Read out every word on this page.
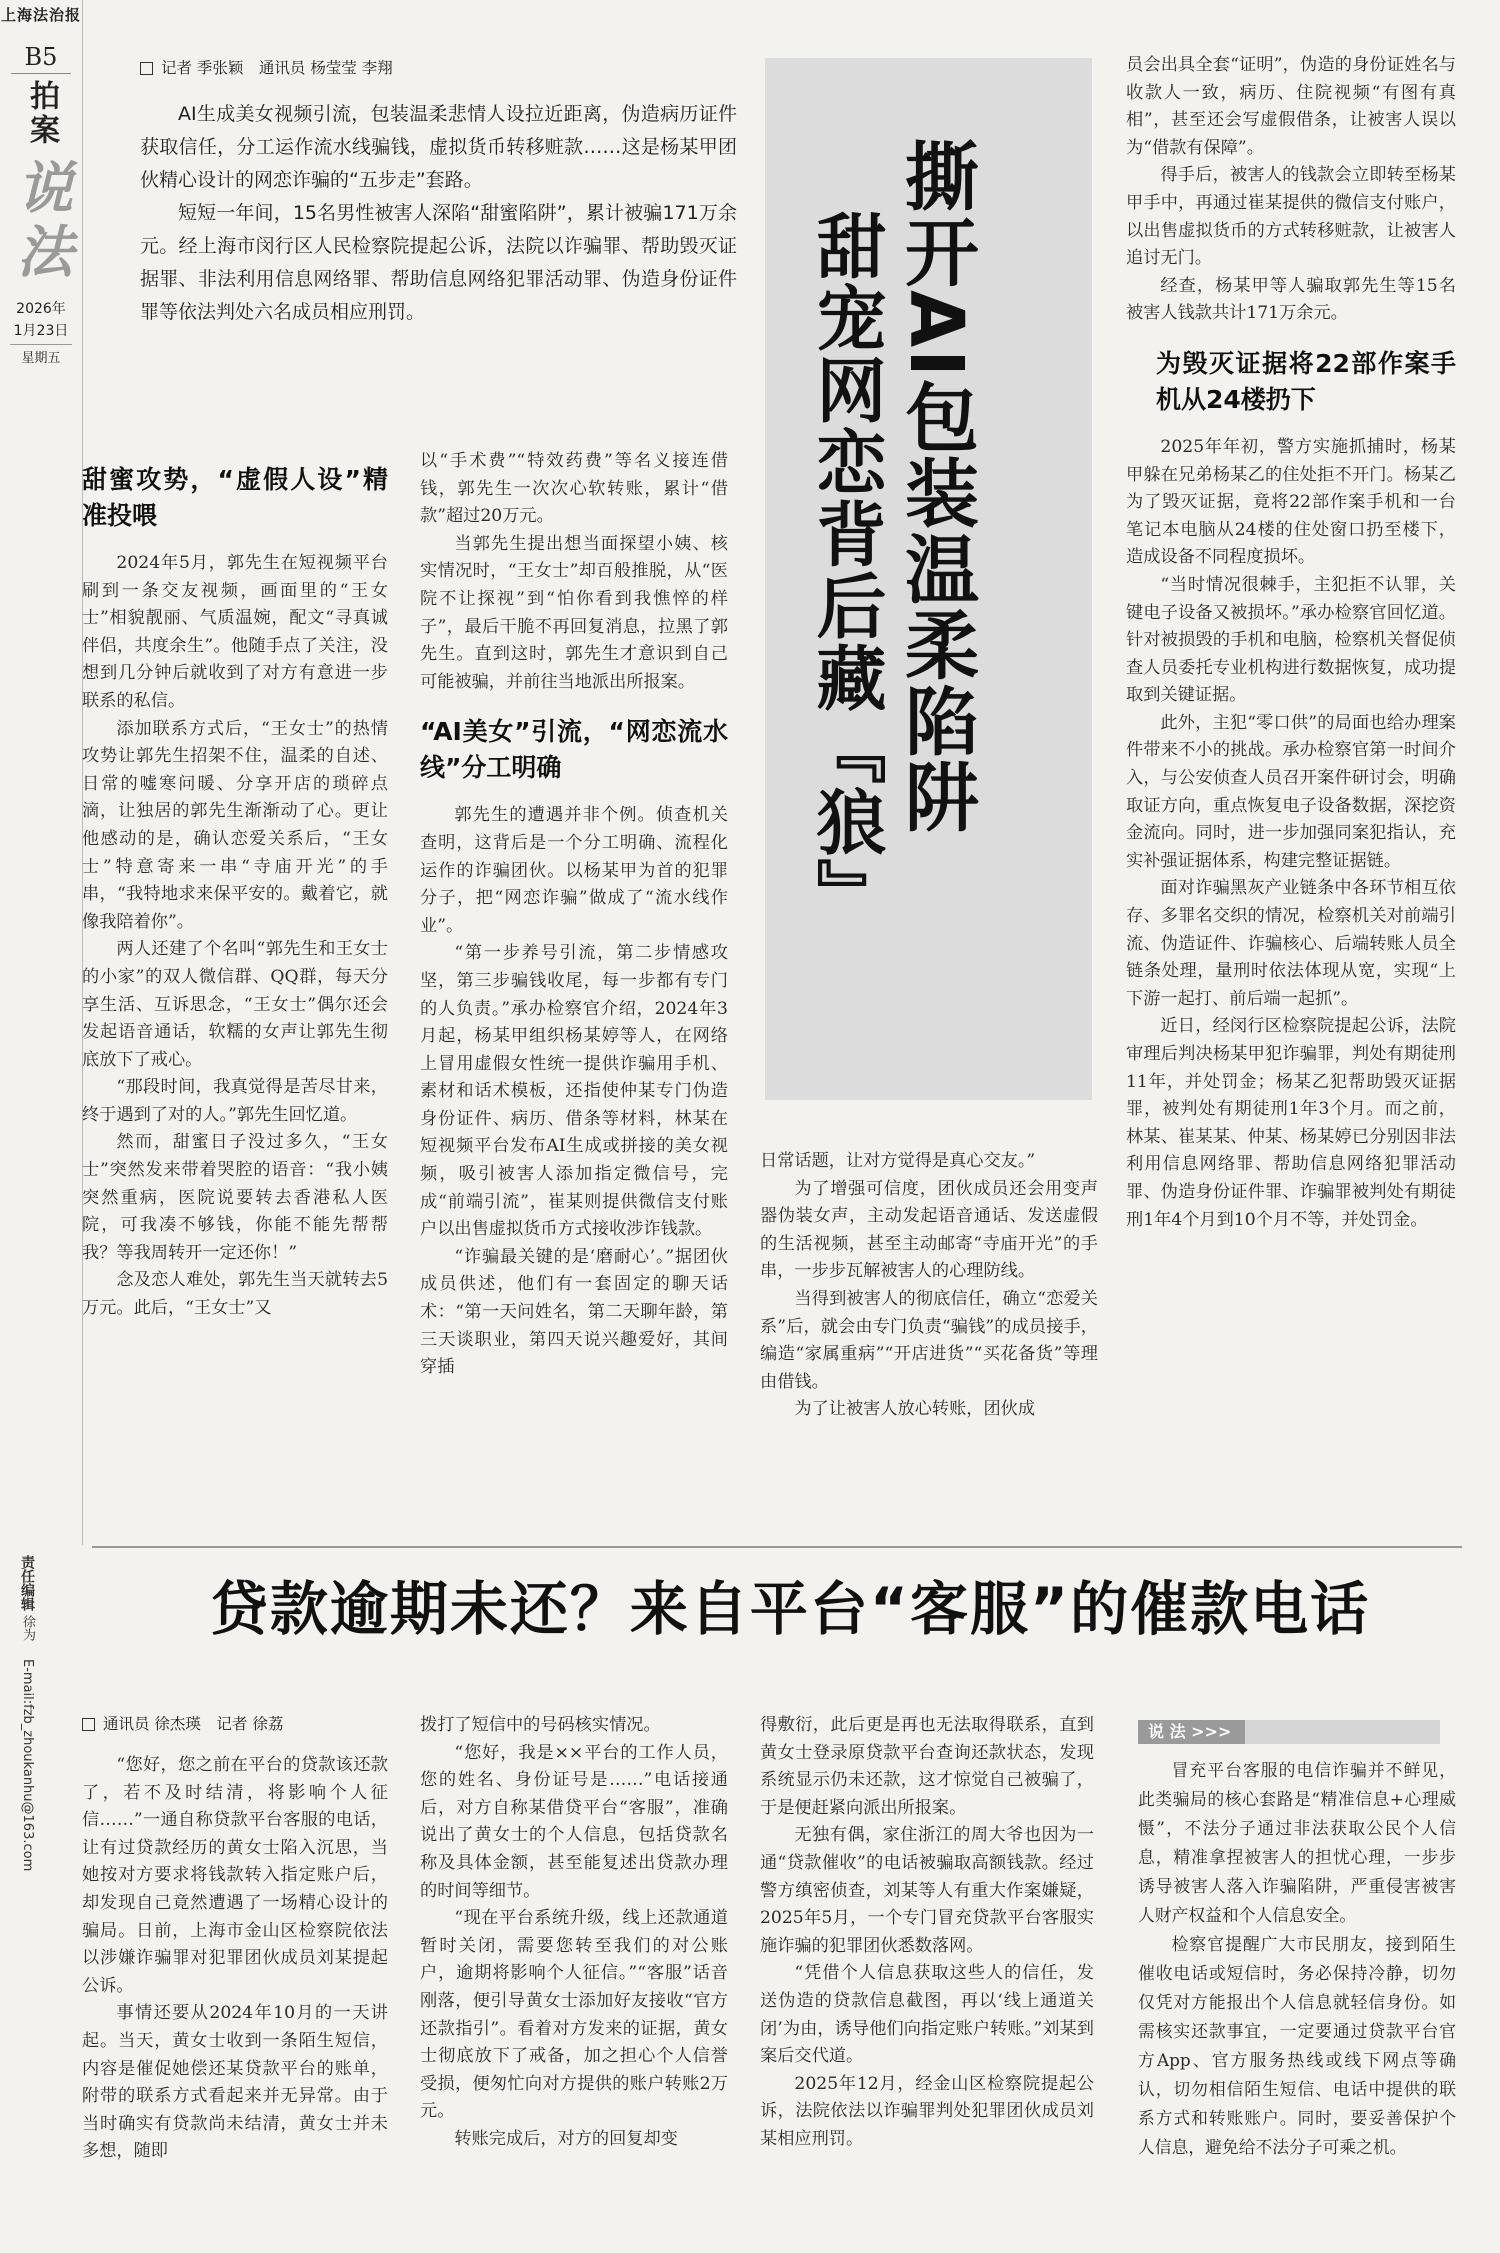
上海法治报
B5
拍案
说法
2026年
1月23日
星期五
记者 季张颖　通讯员 杨莹莹 李翔

AI生成美女视频引流，包装温柔悲情人设拉近距离，伪造病历证件获取信任，分工运作流水线骗钱，虚拟货币转移赃款……这是杨某甲团伙精心设计的网恋诈骗的“五步走”套路。

短短一年间，15名男性被害人深陷“甜蜜陷阱”，累计被骗171万余元。经上海市闵行区人民检察院提起公诉，法院以诈骗罪、帮助毁灭证据罪、非法利用信息网络罪、帮助信息网络犯罪活动罪、伪造身份证件罪等依法判处六名成员相应刑罚。	撕开AI包装温柔陷阱
甜宠网恋背后藏『狼』
甜蜜攻势，“虚假人设”精准投喂

2024年5月，郭先生在短视频平台刷到一条交友视频，画面里的“王女士”相貌靓丽、气质温婉，配文“寻真诚伴侣，共度余生”。他随手点了关注，没想到几分钟后就收到了对方有意进一步联系的私信。

添加联系方式后，“王女士”的热情攻势让郭先生招架不住，温柔的自述、日常的嘘寒问暖、分享开店的琐碎点滴，让独居的郭先生渐渐动了心。更让他感动的是，确认恋爱关系后，“王女士”特意寄来一串“寺庙开光”的手串，“我特地求来保平安的。戴着它，就像我陪着你”。

两人还建了个名叫“郭先生和王女士的小家”的双人微信群、QQ群，每天分享生活、互诉思念，“王女士”偶尔还会发起语音通话，软糯的女声让郭先生彻底放下了戒心。

“那段时间，我真觉得是苦尽甘来，终于遇到了对的人。”郭先生回忆道。

然而，甜蜜日子没过多久，“王女士”突然发来带着哭腔的语音：“我小姨突然重病，医院说要转去香港私人医院，可我凑不够钱，你能不能先帮帮我？等我周转开一定还你！”

念及恋人难处，郭先生当天就转去5万元。此后，“王女士”又

以“手术费”“特效药费”等名义接连借钱，郭先生一次次心软转账，累计“借款”超过20万元。

当郭先生提出想当面探望小姨、核实情况时，“王女士”却百般推脱，从“医院不让探视”到“怕你看到我憔悴的样子”，最后干脆不再回复消息，拉黑了郭先生。直到这时，郭先生才意识到自己可能被骗，并前往当地派出所报案。

“AI美女”引流，“网恋流水线”分工明确

郭先生的遭遇并非个例。侦查机关查明，这背后是一个分工明确、流程化运作的诈骗团伙。以杨某甲为首的犯罪分子，把“网恋诈骗”做成了“流水线作业”。

“第一步养号引流，第二步情感攻坚，第三步骗钱收尾，每一步都有专门的人负责。”承办检察官介绍，2024年3月起，杨某甲组织杨某婷等人，在网络上冒用虚假女性统一提供诈骗用手机、素材和话术模板，还指使仲某专门伪造身份证件、病历、借条等材料，林某在短视频平台发布AI生成或拼接的美女视频，吸引被害人添加指定微信号，完成“前端引流”，崔某则提供微信支付账户以出售虚拟货币方式接收涉诈钱款。

“诈骗最关键的是‘磨耐心’。”据团伙成员供述，他们有一套固定的聊天话术：“第一天问姓名，第二天聊年龄，第三天谈职业，第四天说兴趣爱好，其间穿插

日常话题，让对方觉得是真心交友。”

为了增强可信度，团伙成员还会用变声器伪装女声，主动发起语音通话、发送虚假的生活视频，甚至主动邮寄“寺庙开光”的手串，一步步瓦解被害人的心理防线。

当得到被害人的彻底信任，确立“恋爱关系”后，就会由专门负责“骗钱”的成员接手，编造“家属重病”“开店进货”“买花备货”等理由借钱。

为了让被害人放心转账，团伙成

员会出具全套“证明”，伪造的身份证姓名与收款人一致，病历、住院视频“有图有真相”，甚至还会写虚假借条，让被害人误以为“借款有保障”。

得手后，被害人的钱款会立即转至杨某甲手中，再通过崔某提供的微信支付账户，以出售虚拟货币的方式转移赃款，让被害人追讨无门。

经查，杨某甲等人骗取郭先生等15名被害人钱款共计171万余元。

为毁灭证据将22部作案手机从24楼扔下

2025年年初，警方实施抓捕时，杨某甲躲在兄弟杨某乙的住处拒不开门。杨某乙为了毁灭证据，竟将22部作案手机和一台笔记本电脑从24楼的住处窗口扔至楼下，造成设备不同程度损坏。

“当时情况很棘手，主犯拒不认罪，关键电子设备又被损坏。”承办检察官回忆道。针对被损毁的手机和电脑，检察机关督促侦查人员委托专业机构进行数据恢复，成功提取到关键证据。

此外，主犯“零口供”的局面也给办理案件带来不小的挑战。承办检察官第一时间介入，与公安侦查人员召开案件研讨会，明确取证方向，重点恢复电子设备数据，深挖资金流向。同时，进一步加强同案犯指认，充实补强证据体系，构建完整证据链。

面对诈骗黑灰产业链条中各环节相互依存、多罪名交织的情况，检察机关对前端引流、伪造证件、诈骗核心、后端转账人员全链条处理，量刑时依法体现从宽，实现“上下游一起打、前后端一起抓”。

近日，经闵行区检察院提起公诉，法院审理后判决杨某甲犯诈骗罪，判处有期徒刑11年，并处罚金；杨某乙犯帮助毁灭证据罪，被判处有期徒刑1年3个月。而之前，林某、崔某某、仲某、杨某婷已分别因非法利用信息网络罪、帮助信息网络犯罪活动罪、伪造身份证件罪、诈骗罪被判处有期徒刑1年4个月到10个月不等，并处罚金。

贷款逾期未还？来自平台“客服”的催款电话
责任编辑 徐为 E-mail:fzb_zhoukanhu@163.com	通讯员 徐杰瑛　记者 徐荔

“您好，您之前在平台的贷款该还款了，若不及时结清，将影响个人征信……”一通自称贷款平台客服的电话，让有过贷款经历的黄女士陷入沉思，当她按对方要求将钱款转入指定账户后，却发现自己竟然遭遇了一场精心设计的骗局。日前，上海市金山区检察院依法以涉嫌诈骗罪对犯罪团伙成员刘某提起公诉。

事情还要从2024年10月的一天讲起。当天，黄女士收到一条陌生短信，内容是催促她偿还某贷款平台的账单，附带的联系方式看起来并无异常。由于当时确实有贷款尚未结清，黄女士并未多想，随即

拨打了短信中的号码核实情况。

“您好，我是××平台的工作人员，您的姓名、身份证号是……”电话接通后，对方自称某借贷平台“客服”，准确说出了黄女士的个人信息，包括贷款名称及具体金额，甚至能复述出贷款办理的时间等细节。

“现在平台系统升级，线上还款通道暂时关闭，需要您转至我们的对公账户，逾期将影响个人征信。”“客服”话音刚落，便引导黄女士添加好友接收“官方还款指引”。看着对方发来的证据，黄女士彻底放下了戒备，加之担心个人信誉受损，便匆忙向对方提供的账户转账2万元。

转账完成后，对方的回复却变

得敷衍，此后更是再也无法取得联系，直到黄女士登录原贷款平台查询还款状态，发现系统显示仍未还款，这才惊觉自己被骗了，于是便赶紧向派出所报案。

无独有偶，家住浙江的周大爷也因为一通“贷款催收”的电话被骗取高额钱款。经过警方缜密侦查，刘某等人有重大作案嫌疑，2025年5月，一个专门冒充贷款平台客服实施诈骗的犯罪团伙悉数落网。

“凭借个人信息获取这些人的信任，发送伪造的贷款信息截图，再以‘线上通道关闭’为由，诱导他们向指定账户转账。”刘某到案后交代道。

2025年12月，经金山区检察院提起公诉，法院依法以诈骗罪判处犯罪团伙成员刘某相应刑罚。

说 法 >>>

冒充平台客服的电信诈骗并不鲜见，此类骗局的核心套路是“精准信息+心理威慑”，不法分子通过非法获取公民个人信息，精准拿捏被害人的担忧心理，一步步诱导被害人落入诈骗陷阱，严重侵害被害人财产权益和个人信息安全。

检察官提醒广大市民朋友，接到陌生催收电话或短信时，务必保持冷静，切勿仅凭对方能报出个人信息就轻信身份。如需核实还款事宜，一定要通过贷款平台官方App、官方服务热线或线下网点等确认，切勿相信陌生短信、电话中提供的联系方式和转账账户。同时，要妥善保护个人信息，避免给不法分子可乘之机。
